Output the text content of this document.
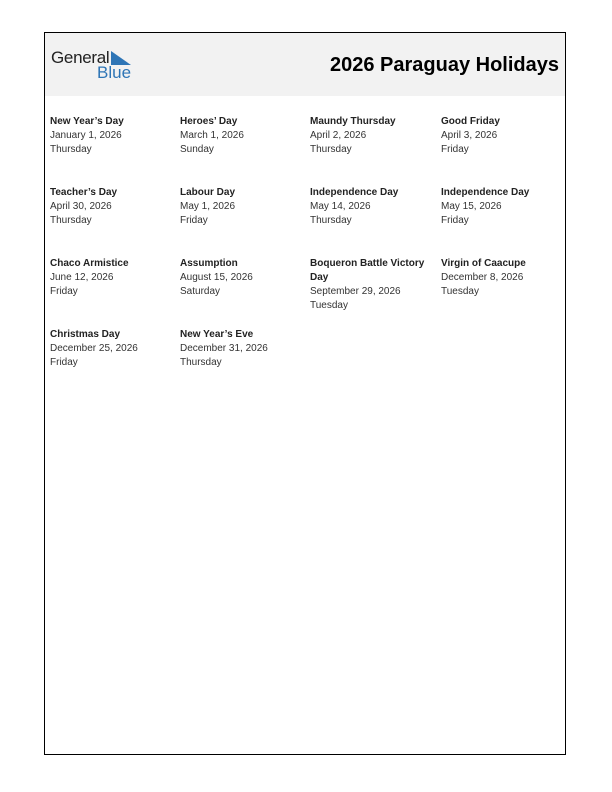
General
Blue	2026 Paraguay Holidays
New Year’s Day
January 1, 2026
Thursday
Heroes’ Day
March 1, 2026
Sunday
Maundy Thursday
April 2, 2026
Thursday
Good Friday
April 3, 2026
Friday
Teacher’s Day
April 30, 2026
Thursday
Labour Day
May 1, 2026
Friday
Independence Day
May 14, 2026
Thursday
Independence Day
May 15, 2026
Friday
Chaco Armistice
June 12, 2026
Friday
Assumption
August 15, 2026
Saturday
Boqueron Battle Victory Day
September 29, 2026
Tuesday
Virgin of Caacupe
December 8, 2026
Tuesday
Christmas Day
December 25, 2026
Friday
New Year’s Eve
December 31, 2026
Thursday
